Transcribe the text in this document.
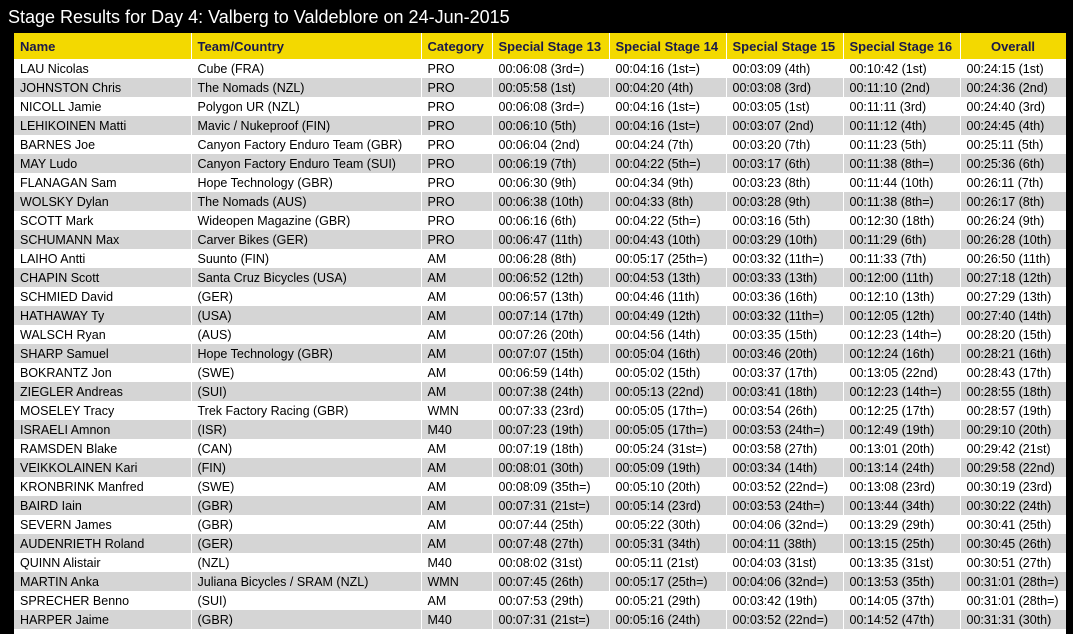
Stage Results for Day 4: Valberg to Valdeblore on 24-Jun-2015
Name	Team/Country	Category	Special Stage 13	Special Stage 14	Special Stage 15	Special Stage 16	Overall
LAU Nicolas	Cube (FRA)	PRO	00:06:08 (3rd=)	00:04:16 (1st=)	00:03:09 (4th)	00:10:42 (1st)	00:24:15 (1st)
JOHNSTON Chris	The Nomads (NZL)	PRO	00:05:58 (1st)	00:04:20 (4th)	00:03:08 (3rd)	00:11:10 (2nd)	00:24:36 (2nd)
NICOLL Jamie	Polygon UR (NZL)	PRO	00:06:08 (3rd=)	00:04:16 (1st=)	00:03:05 (1st)	00:11:11 (3rd)	00:24:40 (3rd)
LEHIKOINEN Matti	Mavic / Nukeproof (FIN)	PRO	00:06:10 (5th)	00:04:16 (1st=)	00:03:07 (2nd)	00:11:12 (4th)	00:24:45 (4th)
BARNES Joe	Canyon Factory Enduro Team (GBR)	PRO	00:06:04 (2nd)	00:04:24 (7th)	00:03:20 (7th)	00:11:23 (5th)	00:25:11 (5th)
MAY Ludo	Canyon Factory Enduro Team (SUI)	PRO	00:06:19 (7th)	00:04:22 (5th=)	00:03:17 (6th)	00:11:38 (8th=)	00:25:36 (6th)
FLANAGAN Sam	Hope Technology (GBR)	PRO	00:06:30 (9th)	00:04:34 (9th)	00:03:23 (8th)	00:11:44 (10th)	00:26:11 (7th)
WOLSKY Dylan	The Nomads (AUS)	PRO	00:06:38 (10th)	00:04:33 (8th)	00:03:28 (9th)	00:11:38 (8th=)	00:26:17 (8th)
SCOTT Mark	Wideopen Magazine (GBR)	PRO	00:06:16 (6th)	00:04:22 (5th=)	00:03:16 (5th)	00:12:30 (18th)	00:26:24 (9th)
SCHUMANN Max	Carver Bikes (GER)	PRO	00:06:47 (11th)	00:04:43 (10th)	00:03:29 (10th)	00:11:29 (6th)	00:26:28 (10th)
LAIHO Antti	Suunto (FIN)	AM	00:06:28 (8th)	00:05:17 (25th=)	00:03:32 (11th=)	00:11:33 (7th)	00:26:50 (11th)
CHAPIN Scott	Santa Cruz Bicycles (USA)	AM	00:06:52 (12th)	00:04:53 (13th)	00:03:33 (13th)	00:12:00 (11th)	00:27:18 (12th)
SCHMIED David	(GER)	AM	00:06:57 (13th)	00:04:46 (11th)	00:03:36 (16th)	00:12:10 (13th)	00:27:29 (13th)
HATHAWAY Ty	(USA)	AM	00:07:14 (17th)	00:04:49 (12th)	00:03:32 (11th=)	00:12:05 (12th)	00:27:40 (14th)
WALSCH Ryan	(AUS)	AM	00:07:26 (20th)	00:04:56 (14th)	00:03:35 (15th)	00:12:23 (14th=)	00:28:20 (15th)
SHARP Samuel	Hope Technology (GBR)	AM	00:07:07 (15th)	00:05:04 (16th)	00:03:46 (20th)	00:12:24 (16th)	00:28:21 (16th)
BOKRANTZ Jon	(SWE)	AM	00:06:59 (14th)	00:05:02 (15th)	00:03:37 (17th)	00:13:05 (22nd)	00:28:43 (17th)
ZIEGLER Andreas	(SUI)	AM	00:07:38 (24th)	00:05:13 (22nd)	00:03:41 (18th)	00:12:23 (14th=)	00:28:55 (18th)
MOSELEY Tracy	Trek Factory Racing (GBR)	WMN	00:07:33 (23rd)	00:05:05 (17th=)	00:03:54 (26th)	00:12:25 (17th)	00:28:57 (19th)
ISRAELI Amnon	(ISR)	M40	00:07:23 (19th)	00:05:05 (17th=)	00:03:53 (24th=)	00:12:49 (19th)	00:29:10 (20th)
RAMSDEN Blake	(CAN)	AM	00:07:19 (18th)	00:05:24 (31st=)	00:03:58 (27th)	00:13:01 (20th)	00:29:42 (21st)
VEIKKOLAINEN Kari	(FIN)	AM	00:08:01 (30th)	00:05:09 (19th)	00:03:34 (14th)	00:13:14 (24th)	00:29:58 (22nd)
KRONBRINK Manfred	(SWE)	AM	00:08:09 (35th=)	00:05:10 (20th)	00:03:52 (22nd=)	00:13:08 (23rd)	00:30:19 (23rd)
BAIRD Iain	(GBR)	AM	00:07:31 (21st=)	00:05:14 (23rd)	00:03:53 (24th=)	00:13:44 (34th)	00:30:22 (24th)
SEVERN James	(GBR)	AM	00:07:44 (25th)	00:05:22 (30th)	00:04:06 (32nd=)	00:13:29 (29th)	00:30:41 (25th)
AUDENRIETH Roland	(GER)	AM	00:07:48 (27th)	00:05:31 (34th)	00:04:11 (38th)	00:13:15 (25th)	00:30:45 (26th)
QUINN Alistair	(NZL)	M40	00:08:02 (31st)	00:05:11 (21st)	00:04:03 (31st)	00:13:35 (31st)	00:30:51 (27th)
MARTIN Anka	Juliana Bicycles / SRAM (NZL)	WMN	00:07:45 (26th)	00:05:17 (25th=)	00:04:06 (32nd=)	00:13:53 (35th)	00:31:01 (28th=)
SPRECHER Benno	(SUI)	AM	00:07:53 (29th)	00:05:21 (29th)	00:03:42 (19th)	00:14:05 (37th)	00:31:01 (28th=)
HARPER Jaime	(GBR)	M40	00:07:31 (21st=)	00:05:16 (24th)	00:03:52 (22nd=)	00:14:52 (47th)	00:31:31 (30th)
